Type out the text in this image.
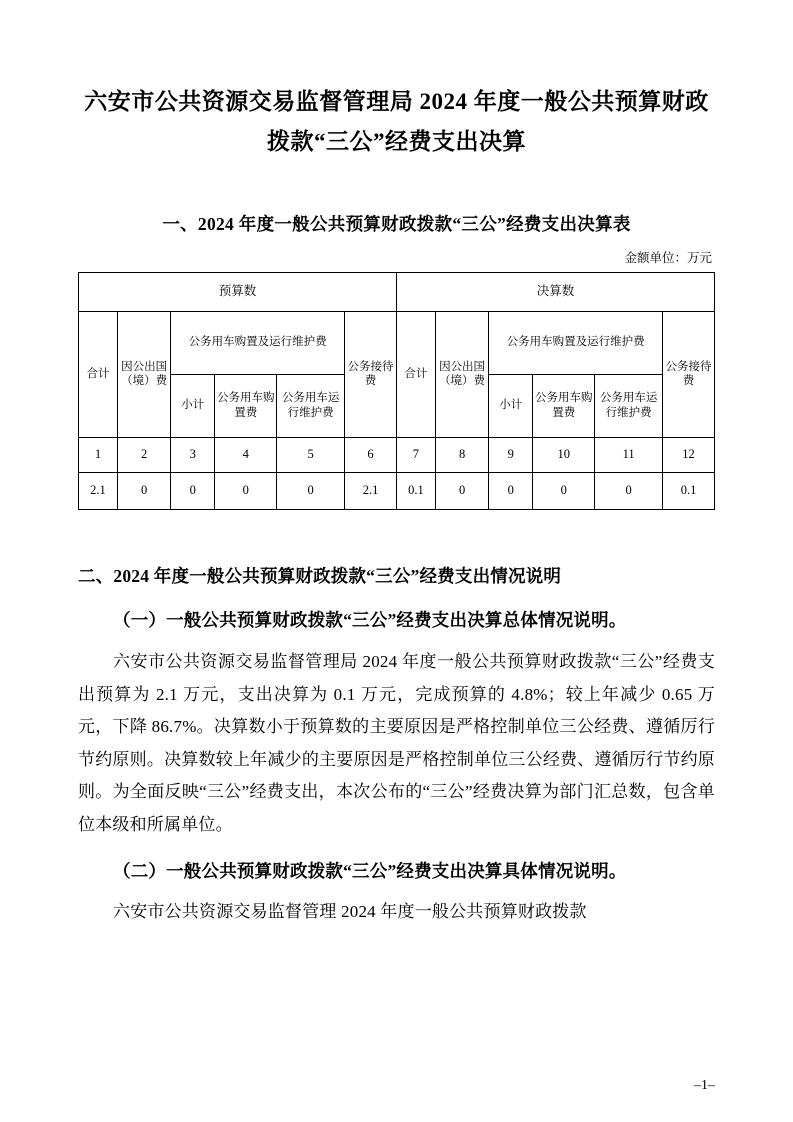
六安市公共资源交易监督管理局 2024 年度一般公共预算财政
拨款“三公”经费支出决算
一、2024 年度一般公共预算财政拨款“三公”经费支出决算表
金额单位：万元
预算数						决算数					
合计	因公出国（境）费	公务用车购置及运行维护费			公务接待费	合计	因公出国（境）费	公务用车购置及运行维护费			公务接待费
		小计	公务用车购置费	公务用车运行维护费				小计	公务用车购置费	公务用车运行维护费	
1	2	3	4	5	6	7	8	9	10	11	12
2.1	0	0	0	0	2.1	0.1	0	0	0	0	0.1
二、2024 年度一般公共预算财政拨款“三公”经费支出情况说明
（一）一般公共预算财政拨款“三公”经费支出决算总体情况说明。
六安市公共资源交易监督管理局 2024 年度一般公共预算财政拨款“三公”经费支出预算为 2.1 万元，支出决算为 0.1 万元，完成预算的 4.8%；较上年减少 0.65 万元，下降 86.7%。决算数小于预算数的主要原因是严格控制单位三公经费、遵循厉行节约原则。决算数较上年减少的主要原因是严格控制单位三公经费、遵循厉行节约原则。为全面反映“三公”经费支出，本次公布的“三公”经费决算为部门汇总数，包含单位本级和所属单位。
（二）一般公共预算财政拨款“三公”经费支出决算具体情况说明。
六安市公共资源交易监督管理 2024 年度一般公共预算财政拨款
–1–
